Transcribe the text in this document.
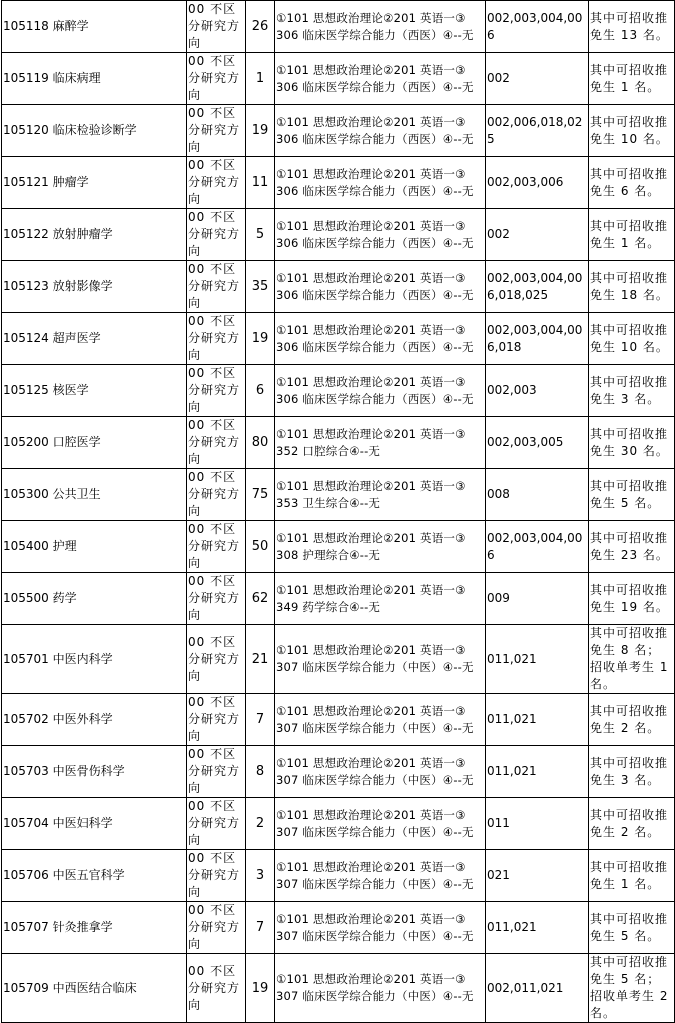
105118 麻醉学	00 不区分研究方向	26	①101 思想政治理论②201 英语一③
306 临床医学综合能力（西医）④--无	002,003,004,006	其中可招收推免生 13 名。
105119 临床病理	00 不区分研究方向	1	①101 思想政治理论②201 英语一③
306 临床医学综合能力（西医）④--无	002	其中可招收推免生 1 名。
105120 临床检验诊断学	00 不区分研究方向	19	①101 思想政治理论②201 英语一③
306 临床医学综合能力（西医）④--无	002,006,018,025	其中可招收推免生 10 名。
105121 肿瘤学	00 不区分研究方向	11	①101 思想政治理论②201 英语一③
306 临床医学综合能力（西医）④--无	002,003,006	其中可招收推免生 6 名。
105122 放射肿瘤学	00 不区分研究方向	5	①101 思想政治理论②201 英语一③
306 临床医学综合能力（西医）④--无	002	其中可招收推免生 1 名。
105123 放射影像学	00 不区分研究方向	35	①101 思想政治理论②201 英语一③
306 临床医学综合能力（西医）④--无	002,003,004,006,018,025	其中可招收推免生 18 名。
105124 超声医学	00 不区分研究方向	19	①101 思想政治理论②201 英语一③
306 临床医学综合能力（西医）④--无	002,003,004,006,018	其中可招收推免生 10 名。
105125 核医学	00 不区分研究方向	6	①101 思想政治理论②201 英语一③
306 临床医学综合能力（西医）④--无	002,003	其中可招收推免生 3 名。
105200 口腔医学	00 不区分研究方向	80	①101 思想政治理论②201 英语一③
352 口腔综合④--无	002,003,005	其中可招收推免生 30 名。
105300 公共卫生	00 不区分研究方向	75	①101 思想政治理论②201 英语一③
353 卫生综合④--无	008	其中可招收推免生 5 名。
105400 护理	00 不区分研究方向	50	①101 思想政治理论②201 英语一③
308 护理综合④--无	002,003,004,006	其中可招收推免生 23 名。
105500 药学	00 不区分研究方向	62	①101 思想政治理论②201 英语一③
349 药学综合④--无	009	其中可招收推免生 19 名。
105701 中医内科学	00 不区分研究方向	21	①101 思想政治理论②201 英语一③
307 临床医学综合能力（中医）④--无	011,021	其中可招收推免生 8 名；招收单考生 1 名。
105702 中医外科学	00 不区分研究方向	7	①101 思想政治理论②201 英语一③
307 临床医学综合能力（中医）④--无	011,021	其中可招收推免生 2 名。
105703 中医骨伤科学	00 不区分研究方向	8	①101 思想政治理论②201 英语一③
307 临床医学综合能力（中医）④--无	011,021	其中可招收推免生 3 名。
105704 中医妇科学	00 不区分研究方向	2	①101 思想政治理论②201 英语一③
307 临床医学综合能力（中医）④--无	011	其中可招收推免生 2 名。
105706 中医五官科学	00 不区分研究方向	3	①101 思想政治理论②201 英语一③
307 临床医学综合能力（中医）④--无	021	其中可招收推免生 1 名。
105707 针灸推拿学	00 不区分研究方向	7	①101 思想政治理论②201 英语一③
307 临床医学综合能力（中医）④--无	011,021	其中可招收推免生 5 名。
105709 中西医结合临床	00 不区分研究方向	19	①101 思想政治理论②201 英语一③
307 临床医学综合能力（中医）④--无	002,011,021	其中可招收推免生 5 名；招收单考生 2 名。
